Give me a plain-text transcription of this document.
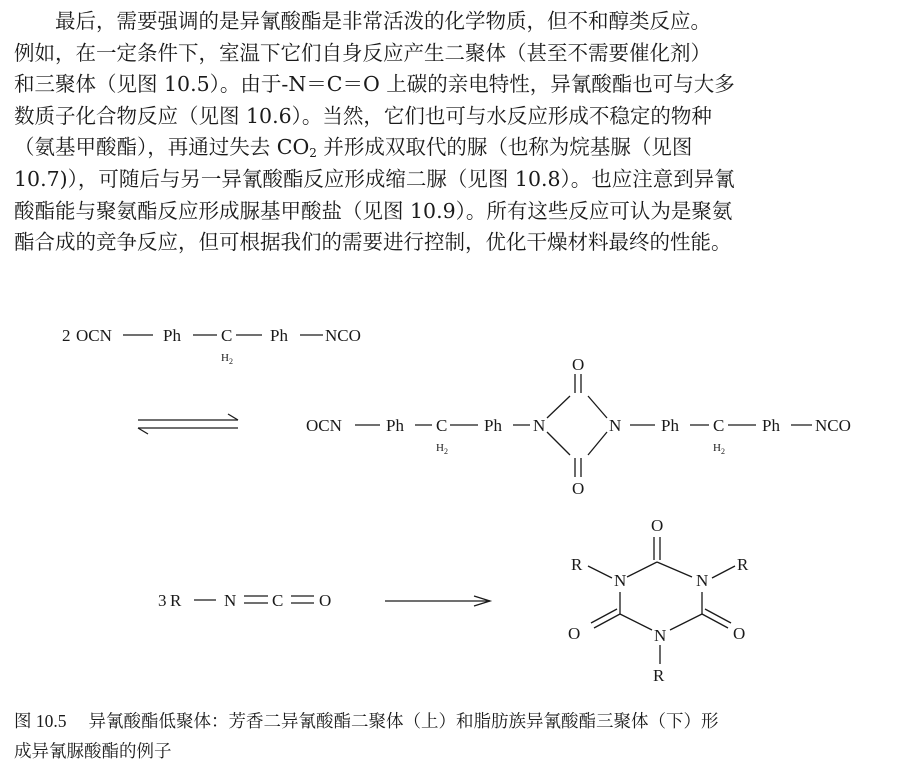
最后，需要强调的是异氰酸酯是非常活泼的化学物质，但不和醇类反应。
例如，在一定条件下，室温下它们自身反应产生二聚体（甚至不需要催化剂）
和三聚体（见图 10.5）。由于-N＝C＝O 上碳的亲电特性，异氰酸酯也可与大多
数质子化合物反应（见图 10.6）。当然，它们也可与水反应形成不稳定的物种
（氨基甲酸酯），再通过失去 $CO_2$ 并形成双取代的脲（也称为烷基脲（见图
10.7)），可随后与另一异氰酸酯反应形成缩二脲（见图 10.8）。也应注意到异氰
酸酯能与聚氨酯反应形成脲基甲酸盐（见图 10.9）。所有这些反应可认为是聚氨
酯合成的竞争反应，但可根据我们的需要进行控制，优化干燥材料最终的性能。
2 OCN	Ph C
$H_2$
Ph NCO
OCN	Ph C
$H_2$
Ph N
O
O
N Ph C
$H_2$
Ph NCO
3 R	N C O
O
N	N
N
R	R
R
O	O
图 10.5 异氰酸酯低聚体：芳香二异氰酸酯二聚体（上）和脂肪族异氰酸酯三聚体（下）形
成异氰脲酸酯的例子
